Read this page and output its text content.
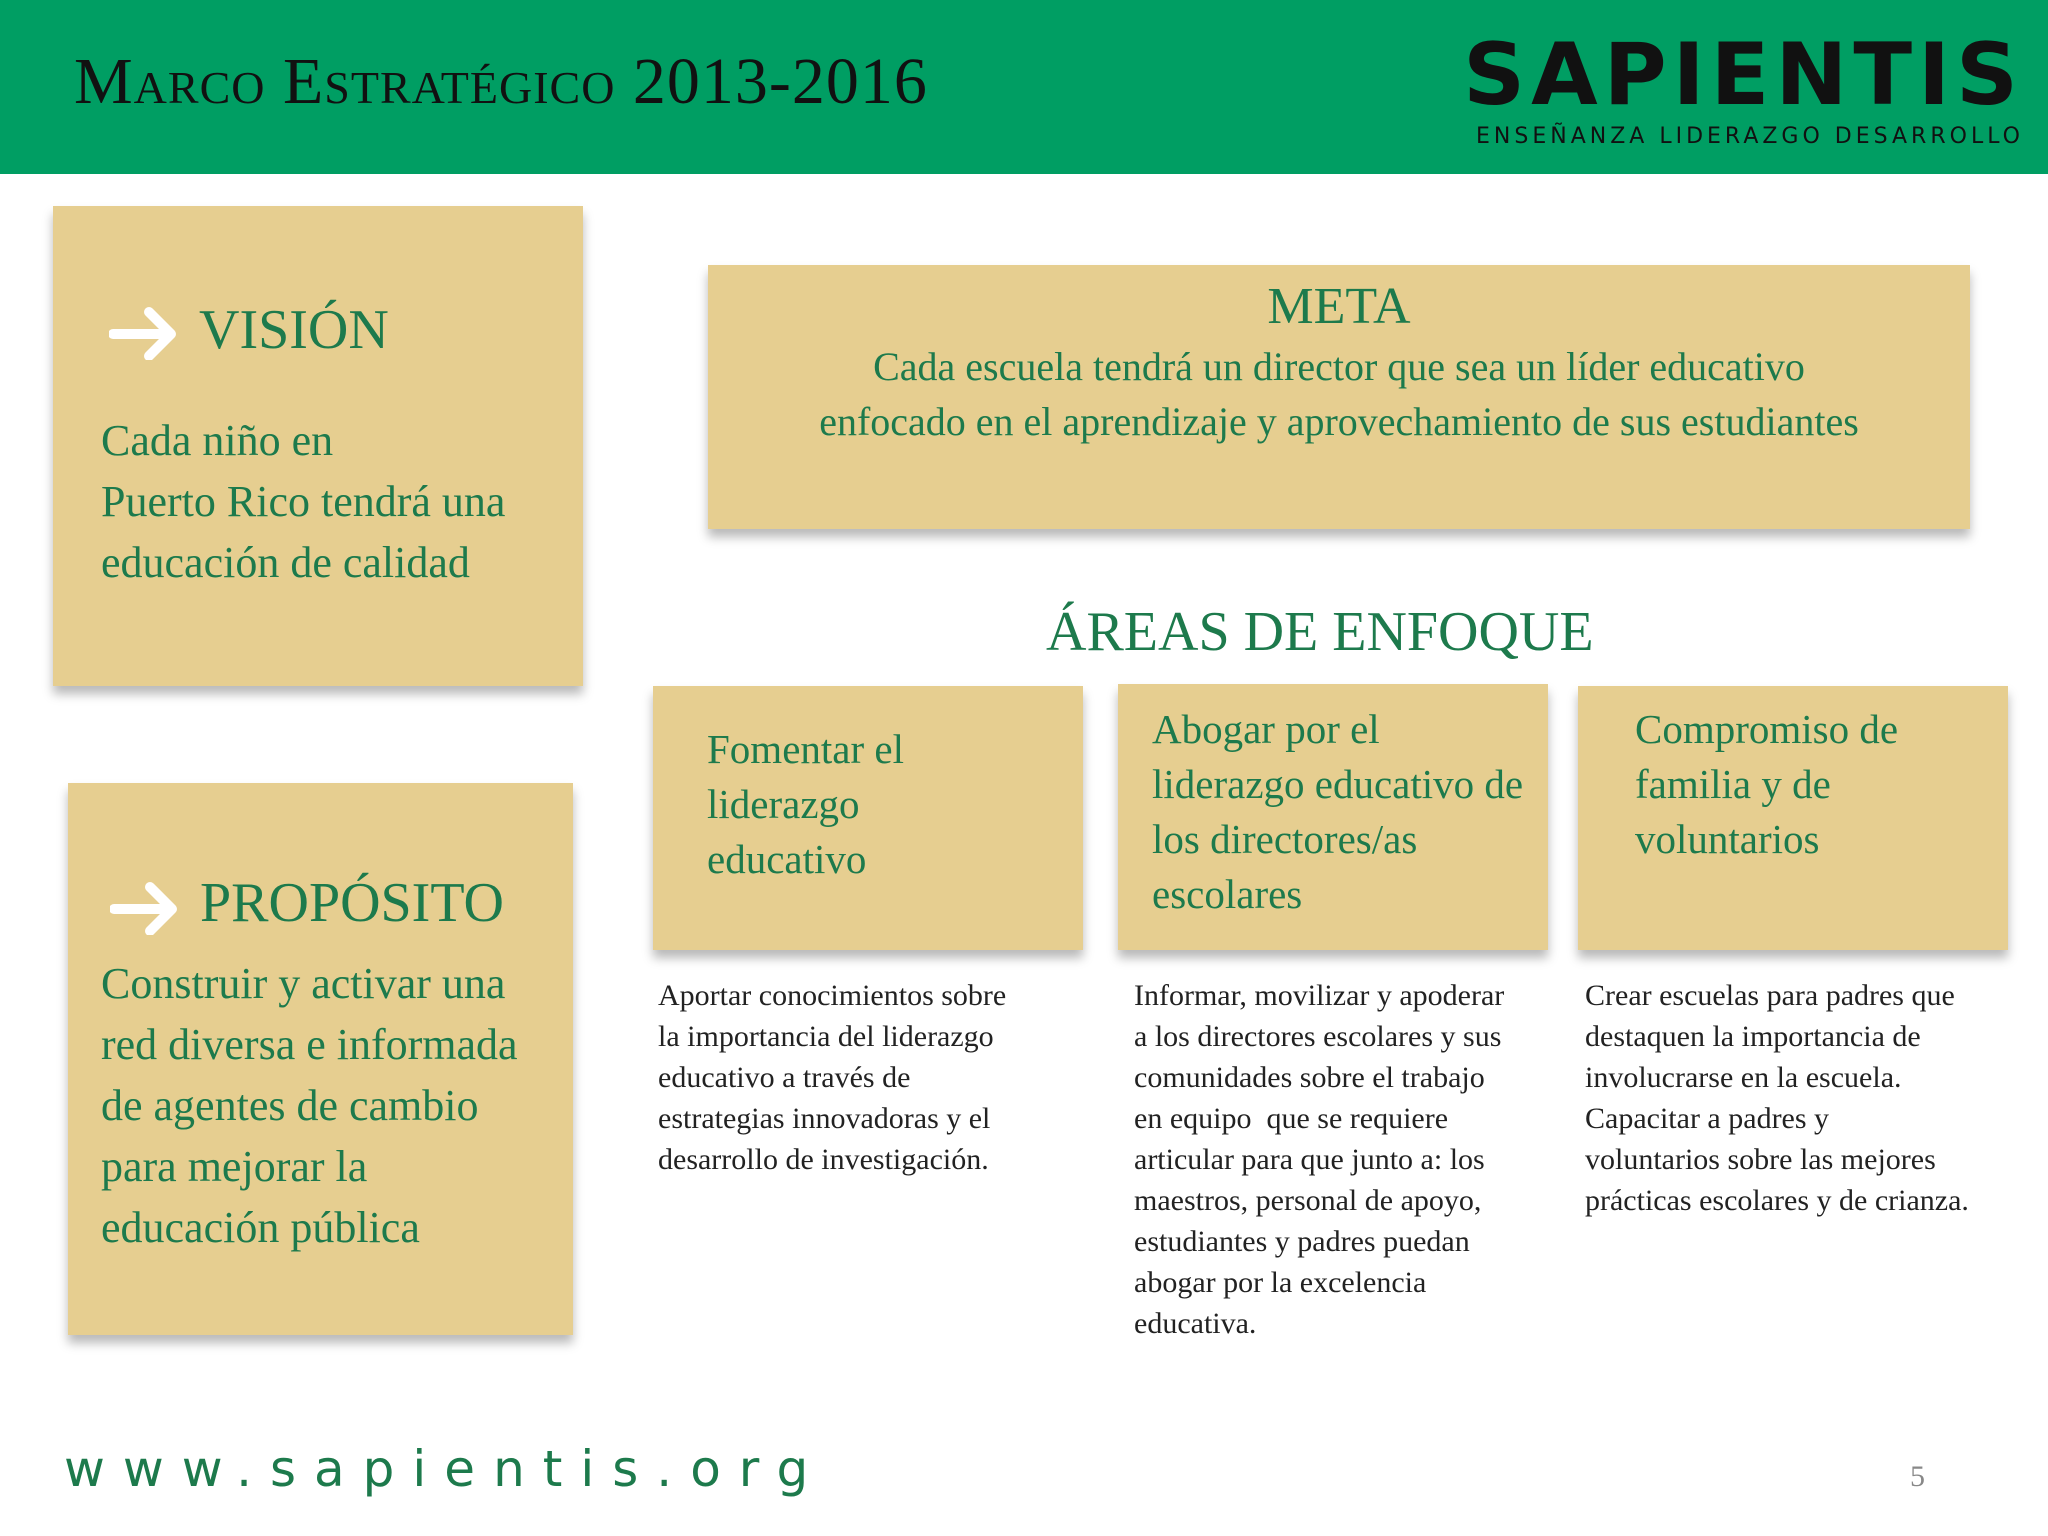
Marco Estratégico 2013-2016	SAPIENTIS
ENSEÑANZA LIDERAZGO DESARROLLO
VISIÓN
Cada niño en
Puerto Rico tendrá una
educación de calidad
PROPÓSITO
Construir y activar una
red diversa e informada
de agentes de cambio
para mejorar la
educación pública
META
Cada escuela tendrá un director que sea un líder educativo
enfocado en el aprendizaje y aprovechamiento de sus estudiantes
ÁREAS DE ENFOQUE
Fomentar el
liderazgo
educativo
Abogar por el
liderazgo educativo de
los directores/as
escolares
Compromiso de
familia y de
voluntarios
Aportar conocimientos sobre
la importancia del liderazgo
educativo a través de
estrategias innovadoras y el
desarrollo de investigación.
Informar, movilizar y apoderar
a los directores escolares y sus
comunidades sobre el trabajo
en equipo  que se requiere
articular para que junto a: los
maestros, personal de apoyo,
estudiantes y padres puedan
abogar por la excelencia
educativa.
Crear escuelas para padres que
destaquen la importancia de
involucrarse en la escuela.
Capacitar a padres y
voluntarios sobre las mejores
prácticas escolares y de crianza.
www.sapientis.org	5
